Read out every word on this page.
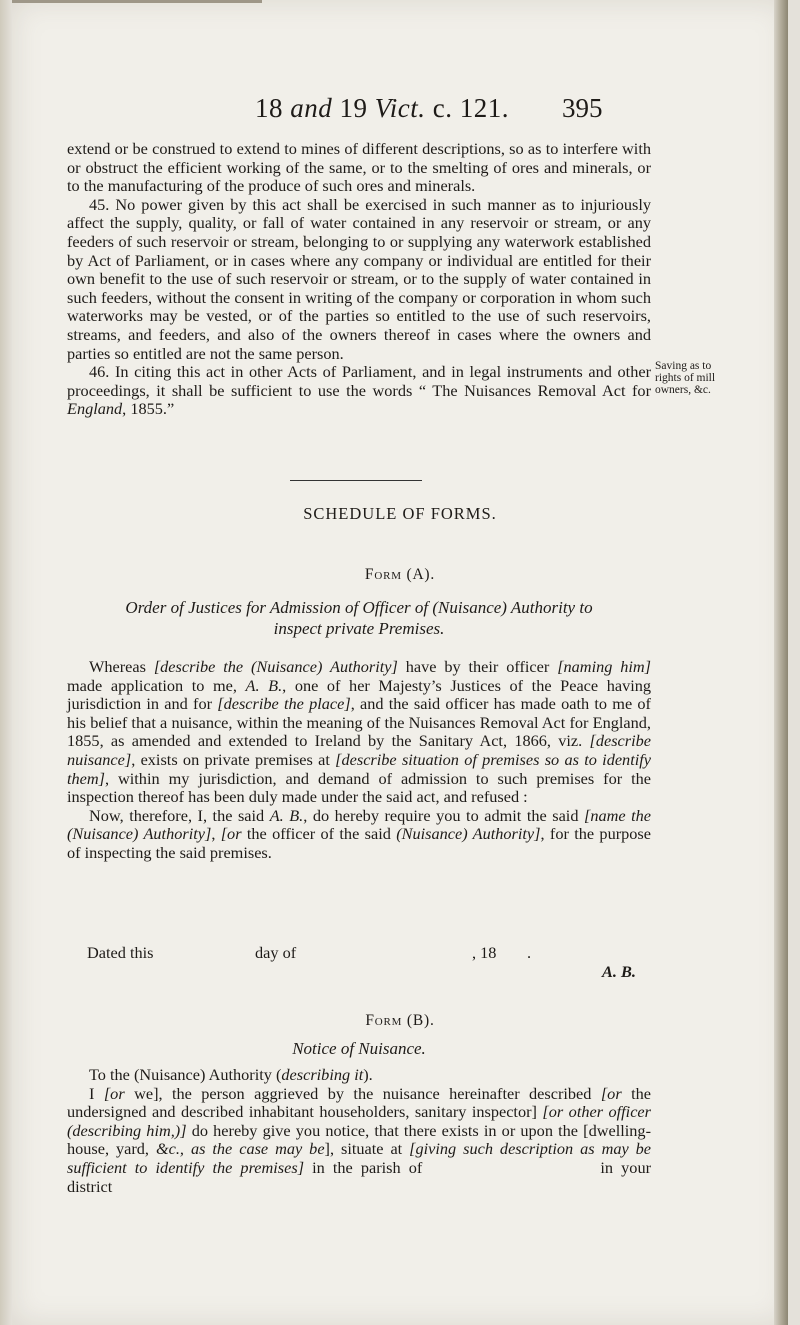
18 and 19 Vict. c. 121.	395

extend or be construed to extend to mines of different descriptions, so as to interfere with or obstruct the efficient working of the same, or to the smelting of ores and minerals, or to the manufacturing of the produce of such ores and minerals.

45. No power given by this act shall be exercised in such manner as to injuriously affect the supply, quality, or fall of water contained in any reservoir or stream, or any feeders of such reservoir or stream, belonging to or supplying any waterwork established by Act of Parliament, or in cases where any company or individual are entitled for their own benefit to the use of such reservoir or stream, or to the supply of water contained in such feeders, without the consent in writing of the company or corporation in whom such waterworks may be vested, or of the parties so entitled to the use of such reservoirs, streams, and feeders, and also of the owners thereof in cases where the owners and parties so entitled are not the same person.

46. In citing this act in other Acts of Parliament, and in legal instruments and other proceedings, it shall be sufficient to use the words “ The Nuisances Removal Act for England, 1855.”

Saving as to rights of mill owners, &c.
SCHEDULE OF FORMS.
Form (A).
Order of Justices for Admission of Officer of (Nuisance) Authority to
inspect private Premises.

Whereas [describe the (Nuisance) Authority] have by their officer [naming him] made application to me, A. B., one of her Majesty’s Justices of the Peace having jurisdiction in and for [describe the place], and the said officer has made oath to me of his belief that a nuisance, within the meaning of the Nuisances Removal Act for England, 1855, as amended and extended to Ireland by the Sanitary Act, 1866, viz. [describe nuisance], exists on private premises at [describe situation of premises so as to identify them], within my jurisdiction, and demand of admission to such premises for the inspection thereof has been duly made under the said act, and refused :

Now, therefore, I, the said A. B., do hereby require you to admit the said [name the (Nuisance) Authority], [or the officer of the said (Nuisance) Authority], for the purpose of inspecting the said premises.

Dated this	day of	, 18 .
A. B.
Form (B).
Notice of Nuisance.

To the (Nuisance) Authority (describing it).

I [or we], the person aggrieved by the nuisance hereinafter described [or the undersigned and described inhabitant householders, sanitary inspector] [or other officer (describing him,)] do hereby give you notice, that there exists in or upon the [dwelling-house, yard, &c., as the case may be], situate at [giving such description as may be sufficient to identify the premises] in the parish of	in your district
